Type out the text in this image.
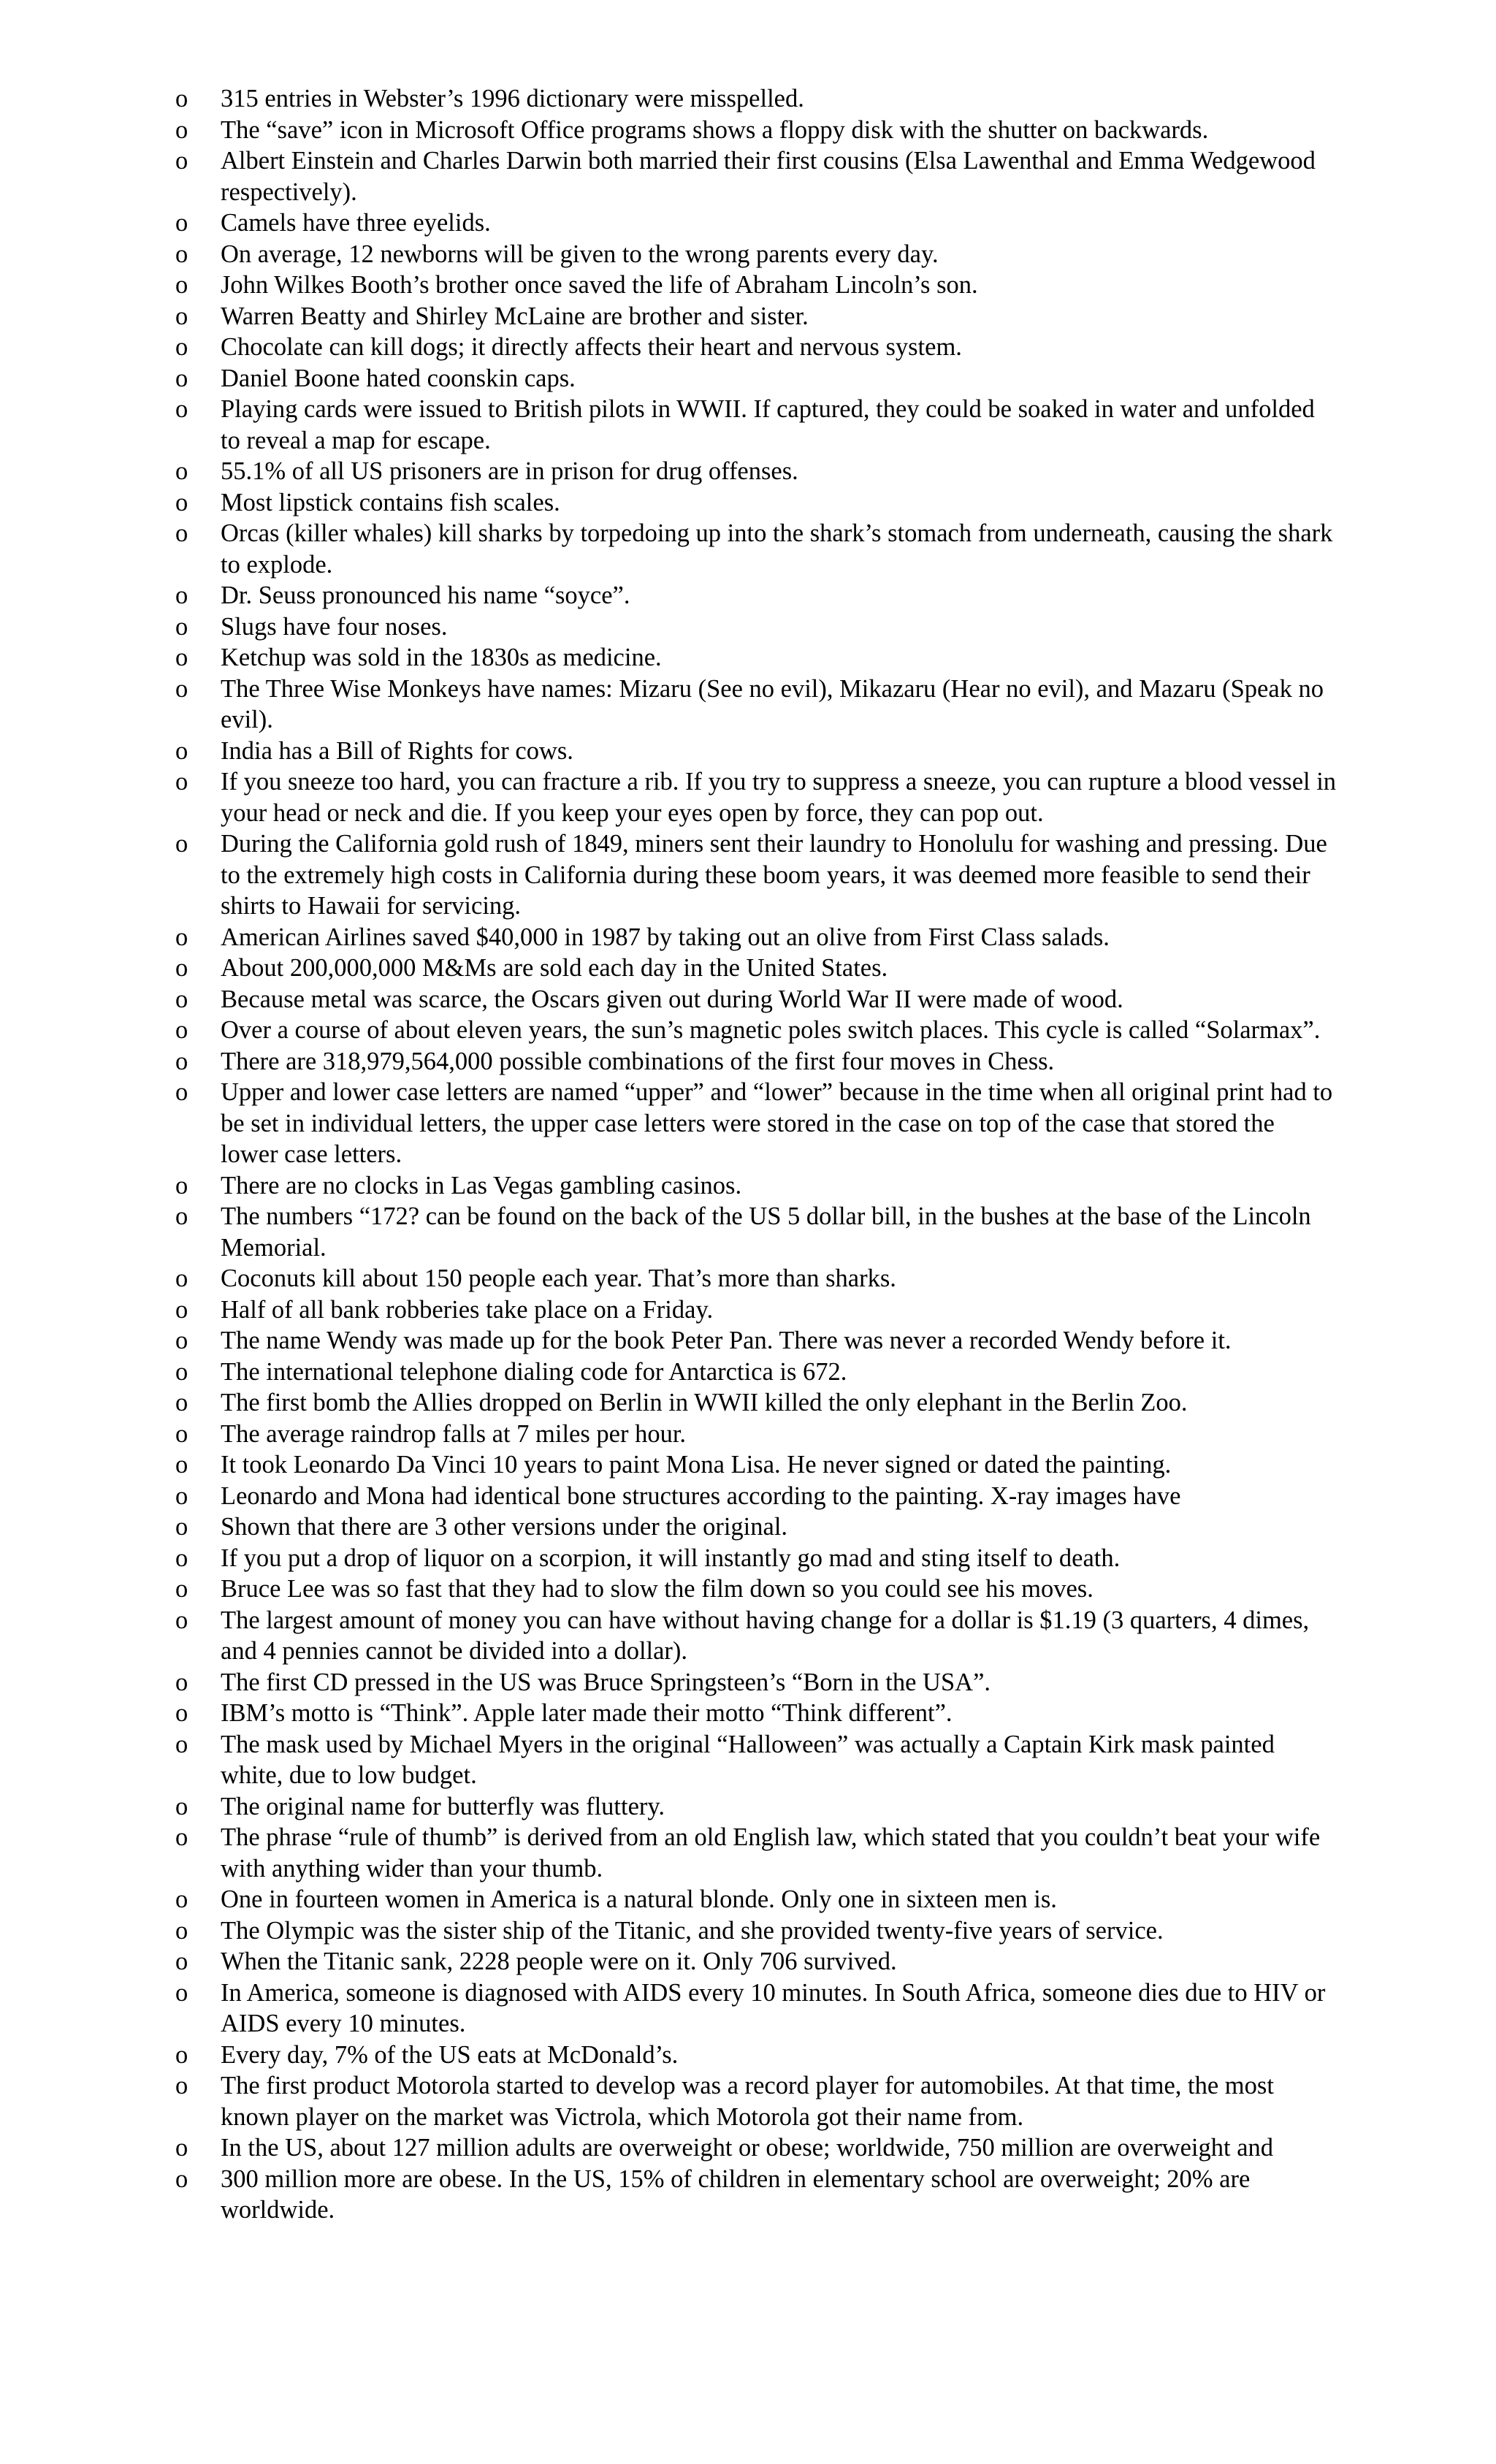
o 315 entries in Webster’s 1996 dictionary were misspelled.
o The “save” icon in Microsoft Office programs shows a floppy disk with the shutter on backwards.
o Albert Einstein and Charles Darwin both married their first cousins (Elsa Lawenthal and Emma Wedgewood respectively).
o Camels have three eyelids.
o On average, 12 newborns will be given to the wrong parents every day.
o John Wilkes Booth’s brother once saved the life of Abraham Lincoln’s son.
o Warren Beatty and Shirley McLaine are brother and sister.
o Chocolate can kill dogs; it directly affects their heart and nervous system.
o Daniel Boone hated coonskin caps.
o Playing cards were issued to British pilots in WWII. If captured, they could be soaked in water and unfolded to reveal a map for escape.
o 55.1% of all US prisoners are in prison for drug offenses.
o Most lipstick contains fish scales.
o Orcas (killer whales) kill sharks by torpedoing up into the shark’s stomach from underneath, causing the shark to explode.
o Dr. Seuss pronounced his name “soyce”.
o Slugs have four noses.
o Ketchup was sold in the 1830s as medicine.
o The Three Wise Monkeys have names: Mizaru (See no evil), Mikazaru (Hear no evil), and Mazaru (Speak no evil).
o India has a Bill of Rights for cows.
o If you sneeze too hard, you can fracture a rib. If you try to suppress a sneeze, you can rupture a blood vessel in your head or neck and die. If you keep your eyes open by force, they can pop out.
o During the California gold rush of 1849, miners sent their laundry to Honolulu for washing and pressing. Due to the extremely high costs in California during these boom years, it was deemed more feasible to send their shirts to Hawaii for servicing.
o American Airlines saved $40,000 in 1987 by taking out an olive from First Class salads.
o About 200,000,000 M&Ms are sold each day in the United States.
o Because metal was scarce, the Oscars given out during World War II were made of wood.
o Over a course of about eleven years, the sun’s magnetic poles switch places. This cycle is called “Solarmax”.
o There are 318,979,564,000 possible combinations of the first four moves in Chess.
o Upper and lower case letters are named “upper” and “lower” because in the time when all original print had to be set in individual letters, the upper case letters were stored in the case on top of the case that stored the lower case letters.
o There are no clocks in Las Vegas gambling casinos.
o The numbers “172? can be found on the back of the US 5 dollar bill, in the bushes at the base of the Lincoln Memorial.
o Coconuts kill about 150 people each year. That’s more than sharks.
o Half of all bank robberies take place on a Friday.
o The name Wendy was made up for the book Peter Pan. There was never a recorded Wendy before it.
o The international telephone dialing code for Antarctica is 672.
o The first bomb the Allies dropped on Berlin in WWII killed the only elephant in the Berlin Zoo.
o The average raindrop falls at 7 miles per hour.
o It took Leonardo Da Vinci 10 years to paint Mona Lisa. He never signed or dated the painting.
o Leonardo and Mona had identical bone structures according to the painting. X-ray images have
o Shown that there are 3 other versions under the original.
o If you put a drop of liquor on a scorpion, it will instantly go mad and sting itself to death.
o Bruce Lee was so fast that they had to slow the film down so you could see his moves.
o The largest amount of money you can have without having change for a dollar is $1.19 (3 quarters, 4 dimes, and 4 pennies cannot be divided into a dollar).
o The first CD pressed in the US was Bruce Springsteen’s “Born in the USA”.
o IBM’s motto is “Think”. Apple later made their motto “Think different”.
o The mask used by Michael Myers in the original “Halloween” was actually a Captain Kirk mask painted white, due to low budget.
o The original name for butterfly was fluttery.
o The phrase “rule of thumb” is derived from an old English law, which stated that you couldn’t beat your wife with anything wider than your thumb.
o One in fourteen women in America is a natural blonde. Only one in sixteen men is.
o The Olympic was the sister ship of the Titanic, and she provided twenty-five years of service.
o When the Titanic sank, 2228 people were on it. Only 706 survived.
o In America, someone is diagnosed with AIDS every 10 minutes. In South Africa, someone dies due to HIV or AIDS every 10 minutes.
o Every day, 7% of the US eats at McDonald’s.
o The first product Motorola started to develop was a record player for automobiles. At that time, the most known player on the market was Victrola, which Motorola got their name from.
o In the US, about 127 million adults are overweight or obese; worldwide, 750 million are overweight and
o 300 million more are obese. In the US, 15% of children in elementary school are overweight; 20% are worldwide.
